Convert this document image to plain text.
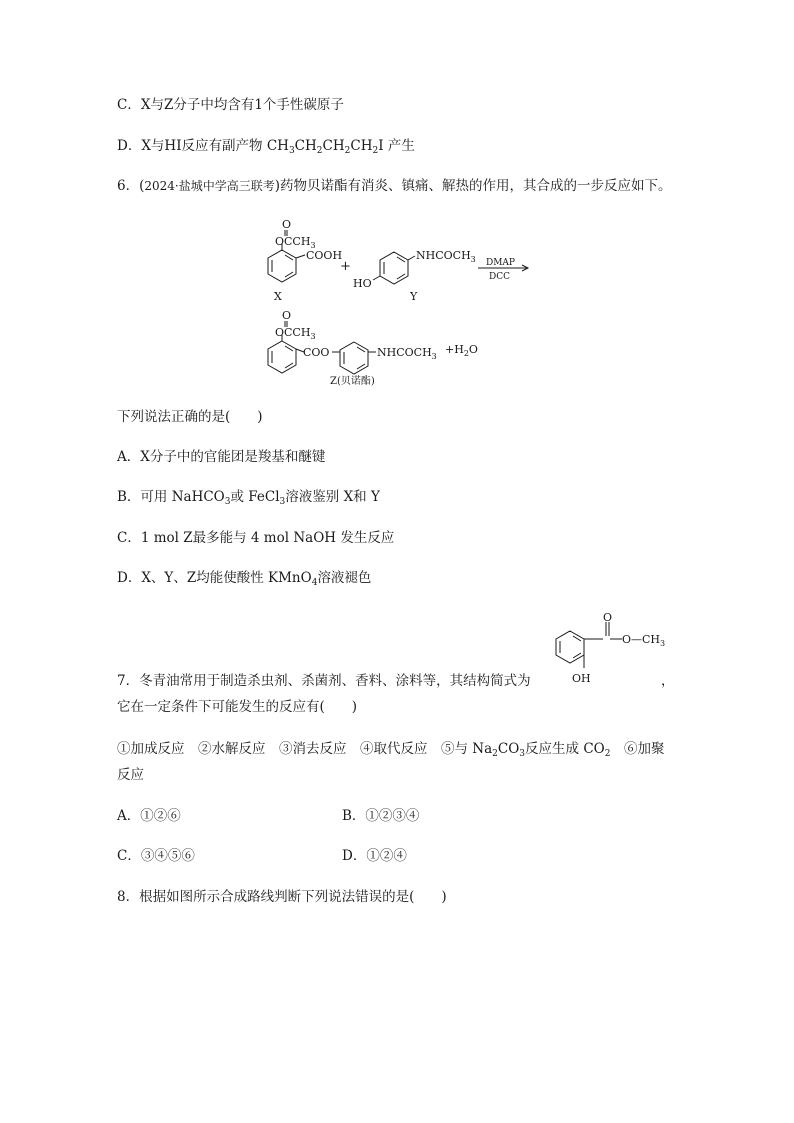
C．X与Z分子中均含有1个手性碳原子
D．X与HI反应有副产物 $CH_3CH_2CH_2CH_2I$ 产生
6．(2024·盐城中学高三联考)药物贝诺酯有消炎、镇痛、解热的作用，其合成的一步反应如下。
O
$OCCH_3$
COOH
X
+
$NHCOCH_3$
HO
Y
DMAP
DCC
O
$OCCH_3$
COO	$NHCOCH_3$
$+H_2O$
Z(贝诺酯)
下列说法正确的是(　　)
A．X分子中的官能团是羧基和醚键
B．可用 NaHCO$_3$或 FeCl$_3$溶液鉴别 X和 Y
C．1 mol Z最多能与 4 mol NaOH 发生反应
D．X、Y、Z均能使酸性 KMnO$_4$溶液褪色
O
$O—CH_3$
OH
7．冬青油常用于制造杀虫剂、杀菌剂、香料、涂料等，其结构简式为	，
它在一定条件下可能发生的反应有(　　)
①加成反应　②水解反应　③消去反应　④取代反应　⑤与 $Na_2CO_3$反应生成 $CO_2$　⑥加聚
反应
A．①②⑥	B．①②③④
C．③④⑤⑥	D．①②④
8．根据如图所示合成路线判断下列说法错误的是(　　)
